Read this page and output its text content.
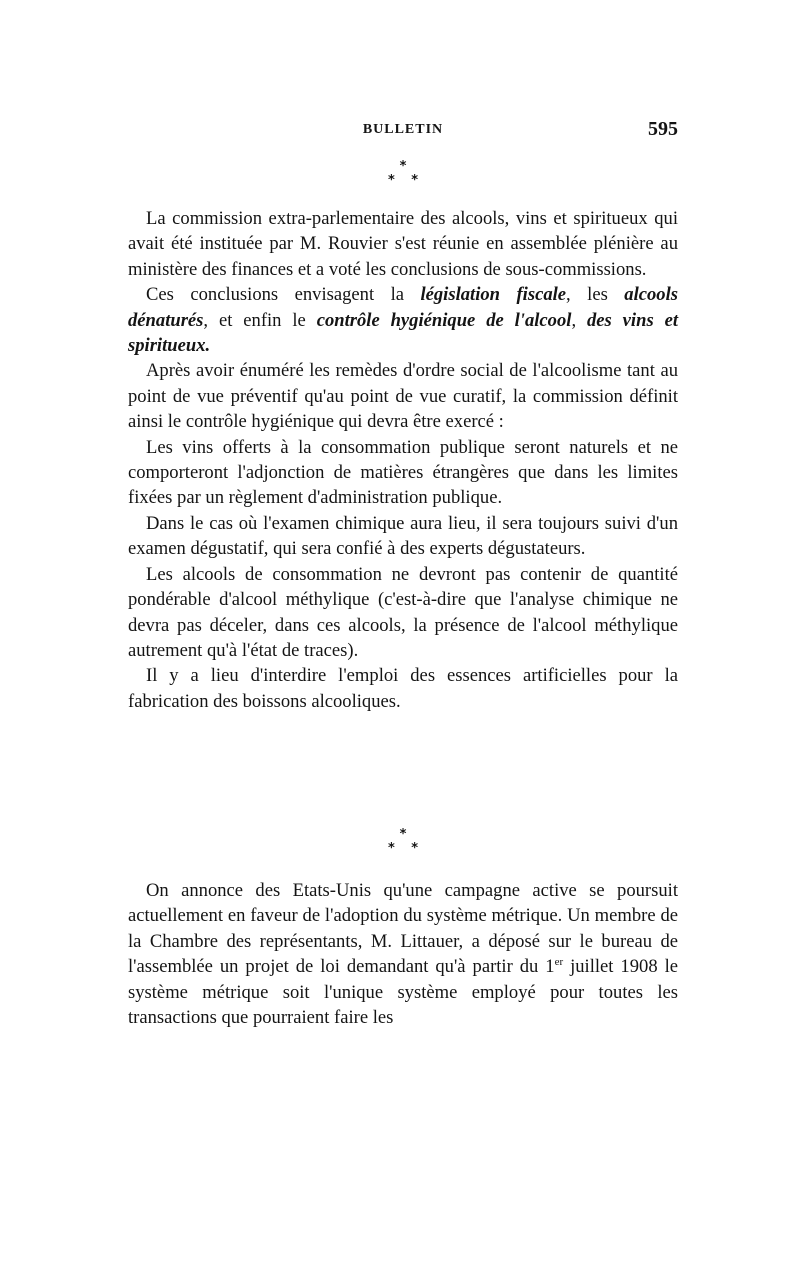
BULLETIN	595
*
* *

La commission extra-parlementaire des alcools, vins et spiritueux qui avait été instituée par M. Rouvier s'est réunie en assemblée plénière au ministère des finances et a voté les conclusions de sous-commissions.

Ces conclusions envisagent la législation fiscale, les alcools dénaturés, et enfin le contrôle hygiénique de l'alcool, des vins et spiritueux.

Après avoir énuméré les remèdes d'ordre social de l'alcoolisme tant au point de vue préventif qu'au point de vue curatif, la commission définit ainsi le contrôle hygiénique qui devra être exercé :

Les vins offerts à la consommation publique seront naturels et ne comporteront l'adjonction de matières étrangères que dans les limites fixées par un règlement d'administration publique.

Dans le cas où l'examen chimique aura lieu, il sera toujours suivi d'un examen dégustatif, qui sera confié à des experts dégustateurs.

Les alcools de consommation ne devront pas contenir de quantité pondérable d'alcool méthylique (c'est-à-dire que l'analyse chimique ne devra pas déceler, dans ces alcools, la présence de l'alcool méthylique autrement qu'à l'état de traces).

Il y a lieu d'interdire l'emploi des essences artificielles pour la fabrication des boissons alcooliques.

*
* *

On annonce des Etats-Unis qu'une campagne active se poursuit actuellement en faveur de l'adoption du système métrique. Un membre de la Chambre des représentants, M. Littauer, a déposé sur le bureau de l'assemblée un projet de loi demandant qu'à partir du 1er juillet 1908 le système métrique soit l'unique système employé pour toutes les transactions que pourraient faire les
